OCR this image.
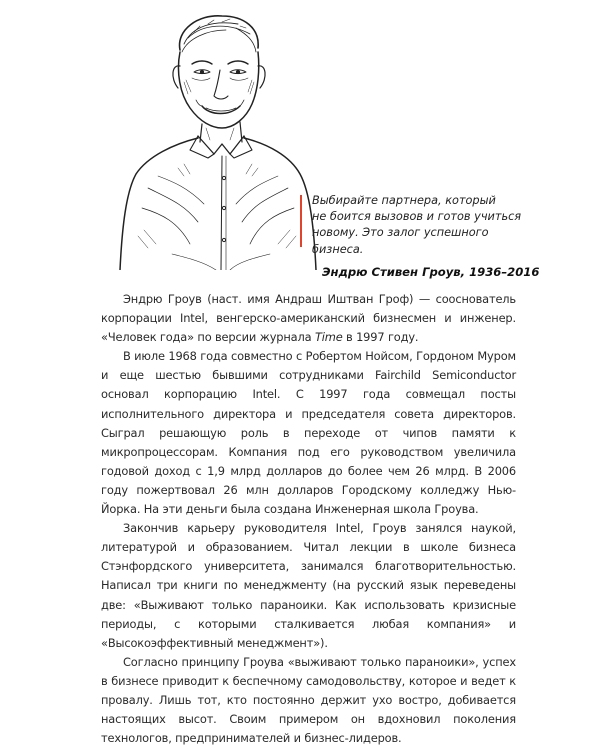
Выбирайте партнера, который
не боится вызовов и готов учиться
новому. Это залог успешного бизнеса.

Эндрю Стивен Гроув, 1936–2016

Эндрю Гроув (наст. имя Андраш Иштван Гроф) — сооснователь корпорации Intel, венгерско-американский бизнесмен и инженер. «Человек года» по версии журнала Time в 1997 году.

В июле 1968 года совместно с Робертом Нойсом, Гордоном Муром и еще шестью бывшими сотрудниками Fairchild Semiconductor основал корпорацию Intel. С 1997 года совмещал посты исполнительного директора и председателя совета директоров. Сыграл решающую роль в переходе от чипов памяти к микропроцессорам. Компания под его руководством увеличила годовой доход с 1,9 млрд долларов до более чем 26 млрд. В 2006 году пожертвовал 26 млн долларов Городскому колледжу Нью-Йорка. На эти деньги была создана Инженерная школа Гроува.

Закончив карьеру руководителя Intel, Гроув занялся наукой, литературой и образованием. Читал лекции в школе бизнеса Стэнфордского университета, занимался благотворительностью. Написал три книги по менеджменту (на русский язык переведены две: «Выживают только параноики. Как использовать кризисные периоды, с которыми сталкивается любая компания» и «Высокоэффективный менеджмент»).

Согласно принципу Гроува «выживают только параноики», успех в бизнесе приводит к беспечному самодовольству, которое и ведет к провалу. Лишь тот, кто постоянно держит ухо востро, добивается настоящих высот. Своим примером он вдохновил поколения технологов, предпринимателей и бизнес-лидеров.
